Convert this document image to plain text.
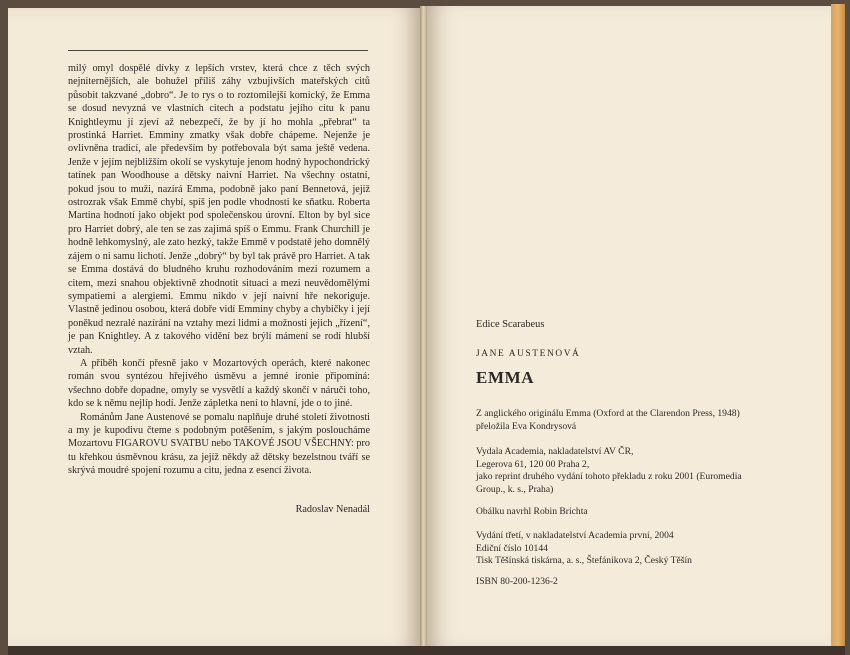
milý omyl dospělé dívky z lepších vrstev, která chce z těch svých nejniternějších, ale bohužel příliš záhy vzbujivších mateřských citů působit takzvané „dobro“. Je to rys o to roztomilejší komický, že Emma se dosud nevyzná ve vlastních citech a podstatu jejího citu k panu Knightleymu jí zjeví až nebezpečí, že by jí ho mohla „přebrat“ ta prostinká Harriet. Emminy zmatky však dobře chápeme. Nejenže je ovlivněna tradicí, ale především by potřebovala být sama ještě vedena. Jenže v jejím nejbližším okolí se vyskytuje jenom hodný hypochondrický tatínek pan Woodhouse a dětsky naivní Harriet. Na všechny ostatní, pokud jsou to muži, nazírá Emma, podobně jako paní Bennetová, jejíž ostrozrak však Emmě chybí, spíš jen podle vhodnosti ke sňatku. Roberta Martina hodnotí jako objekt pod společenskou úrovní. Elton by byl sice pro Harriet dobrý, ale ten se zas zajímá spíš o Emmu. Frank Churchill je hodně lehkomyslný, ale zato hezký, takže Emmě v podstatě jeho domnělý zájem o ni samu lichotí. Jenže „dobrý“ by byl tak právě pro Harriet. A tak se Emma dostává do bludného kruhu rozhodováním mezi rozumem a citem, mezi snahou objektivně zhodnotit situaci a mezi neuvědomělými sympatiemi a alergiemi. Emmu nikdo v její naivní hře nekoriguje. Vlastně jedinou osobou, která dobře vidí Emminy chyby a chybičky i její poněkud nezralé nazírání na vztahy mezi lidmi a možnosti jejich „řízení“, je pan Knightley. A z takového vidění bez brýlí mámení se rodí hlubší vztah.

A příběh končí přesně jako v Mozartových operách, které nakonec román svou syntézou hřejivého úsměvu a jemné ironie připomíná: všechno dobře dopadne, omyly se vysvětlí a každý skončí v náruči toho, kdo se k němu nejlíp hodí. Jenže zápletka není to hlavní, jde o to jiné.

Románům Jane Austenové se pomalu naplňuje druhé století životnosti a my je kupodivu čteme s podobným potěšením, s jakým posloucháme Mozartovu FIGAROVU SVATBU nebo TAKOVÉ JSOU VŠECHNY: pro tu křehkou úsměvnou krásu, za jejíž někdy až dětsky bezelstnou tváří se skrývá moudré spojení rozumu a citu, jedna z esencí života.

Radoslav Nenadál
Edice Scarabeus
JANE AUSTENOVÁ
EMMA
Z anglického originálu Emma (Oxford at the Clarendon Press, 1948)
přeložila Eva Kondrysová
Vydala Academia, nakladatelství AV ČR,
Legerova 61, 120 00 Praha 2,
jako reprint druhého vydání tohoto překladu z roku 2001 (Euromedia
Group., k. s., Praha)
Obálku navrhl Robin Brichta
Vydání třetí, v nakladatelství Academia první, 2004
Ediční číslo 10144
Tisk Těšínská tiskárna, a. s., Štefánikova 2, Český Těšín
ISBN 80-200-1236-2
